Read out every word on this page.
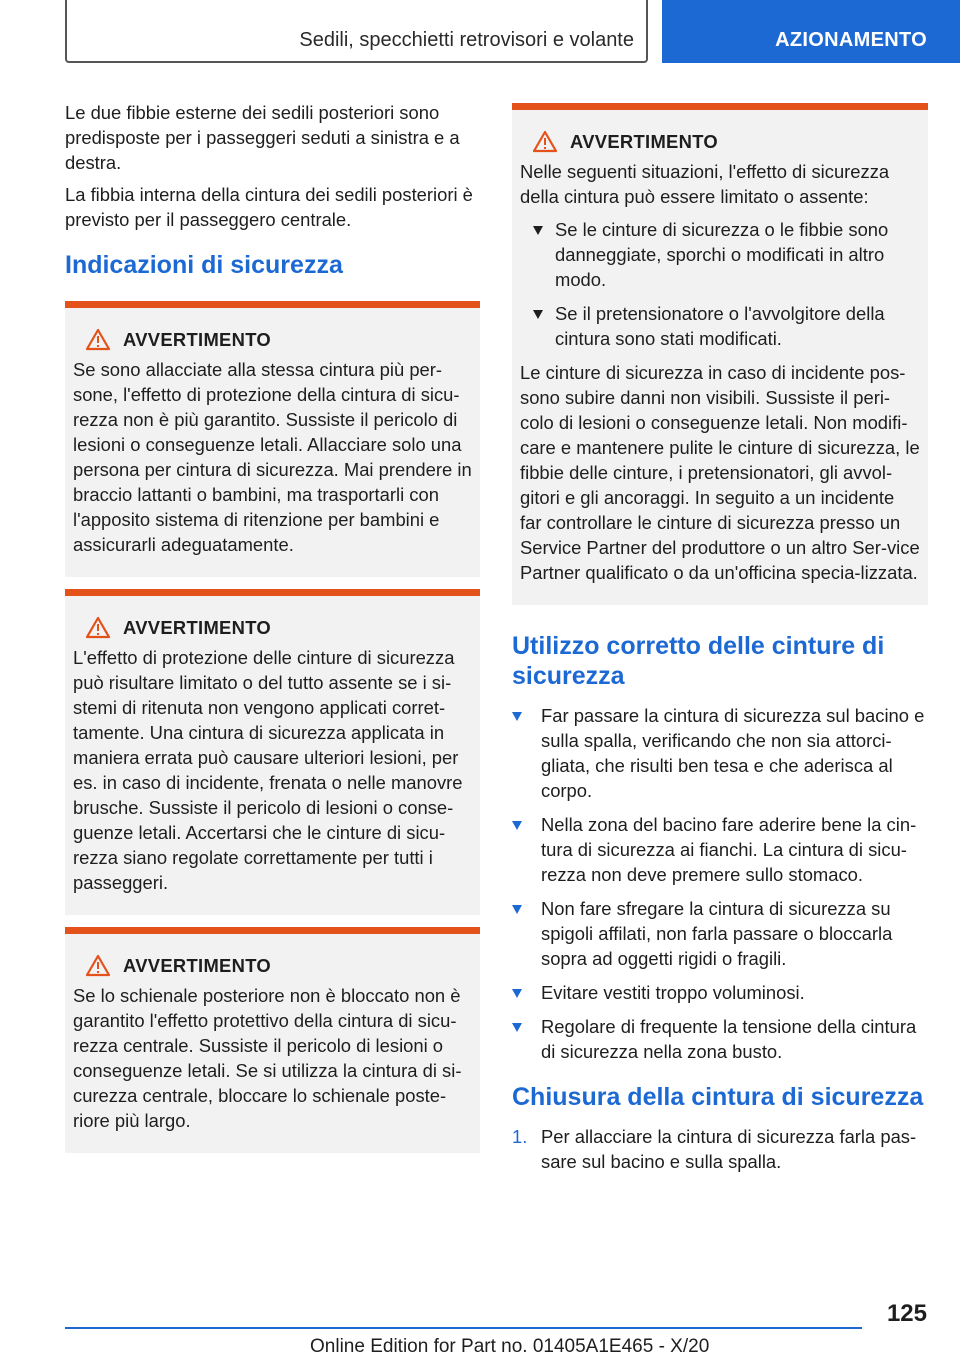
Sedili, specchietti retrovisori e volante	AZIONAMENTO

Le due fibbie esterne dei sedili posteriori sono predisposte per i passeggeri seduti a sinistra e a destra.

La fibbia interna della cintura dei sedili posteriori è previsto per il passeggero centrale.

Indicazioni di sicurezza
AVVERTIMENTO

Se sono allacciate alla stessa cintura più per-sone, l'effetto di protezione della cintura di sicu-rezza non è più garantito. Sussiste il pericolo di lesioni o conseguenze letali. Allacciare solo una persona per cintura di sicurezza. Mai prendere in braccio lattanti o bambini, ma trasportarli con l'apposito sistema di ritenzione per bambini e assicurarli adeguatamente.

AVVERTIMENTO

L'effetto di protezione delle cinture di sicurezza può risultare limitato o del tutto assente se i si-stemi di ritenuta non vengono applicati corret-tamente. Una cintura di sicurezza applicata in maniera errata può causare ulteriori lesioni, per es. in caso di incidente, frenata o nelle manovre brusche. Sussiste il pericolo di lesioni o conse-guenze letali. Accertarsi che le cinture di sicu-rezza siano regolate correttamente per tutti i passeggeri.

AVVERTIMENTO

Se lo schienale posteriore non è bloccato non è garantito l'effetto protettivo della cintura di sicu-rezza centrale. Sussiste il pericolo di lesioni o conseguenze letali. Se si utilizza la cintura di si-curezza centrale, bloccare lo schienale poste-riore più largo.

AVVERTIMENTO

Nelle seguenti situazioni, l'effetto di sicurezza della cintura può essere limitato o assente:

Se le cinture di sicurezza o le fibbie sono danneggiate, sporchi o modificati in altro modo.
Se il pretensionatore o l'avvolgitore della cintura sono stati modificati.

Le cinture di sicurezza in caso di incidente pos-sono subire danni non visibili. Sussiste il peri-colo di lesioni o conseguenze letali. Non modifi-care e mantenere pulite le cinture di sicurezza, le fibbie delle cinture, i pretensionatori, gli avvol-gitori e gli ancoraggi. In seguito a un incidente far controllare le cinture di sicurezza presso un Service Partner del produttore o un altro Ser-vice Partner qualificato o da un'officina specia-lizzata.

Utilizzo corretto delle cinture di sicurezza
Far passare la cintura di sicurezza sul bacino e sulla spalla, verificando che non sia attorci-gliata, che risulti ben tesa e che aderisca al corpo.
Nella zona del bacino fare aderire bene la cin-tura di sicurezza ai fianchi. La cintura di sicu-rezza non deve premere sullo stomaco.
Non fare sfregare la cintura di sicurezza su spigoli affilati, non farla passare o bloccarla sopra ad oggetti rigidi o fragili.
Evitare vestiti troppo voluminosi.
Regolare di frequente la tensione della cintura di sicurezza nella zona busto.
Chiusura della cintura di sicurezza
1. Per allacciare la cintura di sicurezza farla pas-sare sul bacino e sulla spalla.
125
Online Edition for Part no. 01405A1E465 - X/20
